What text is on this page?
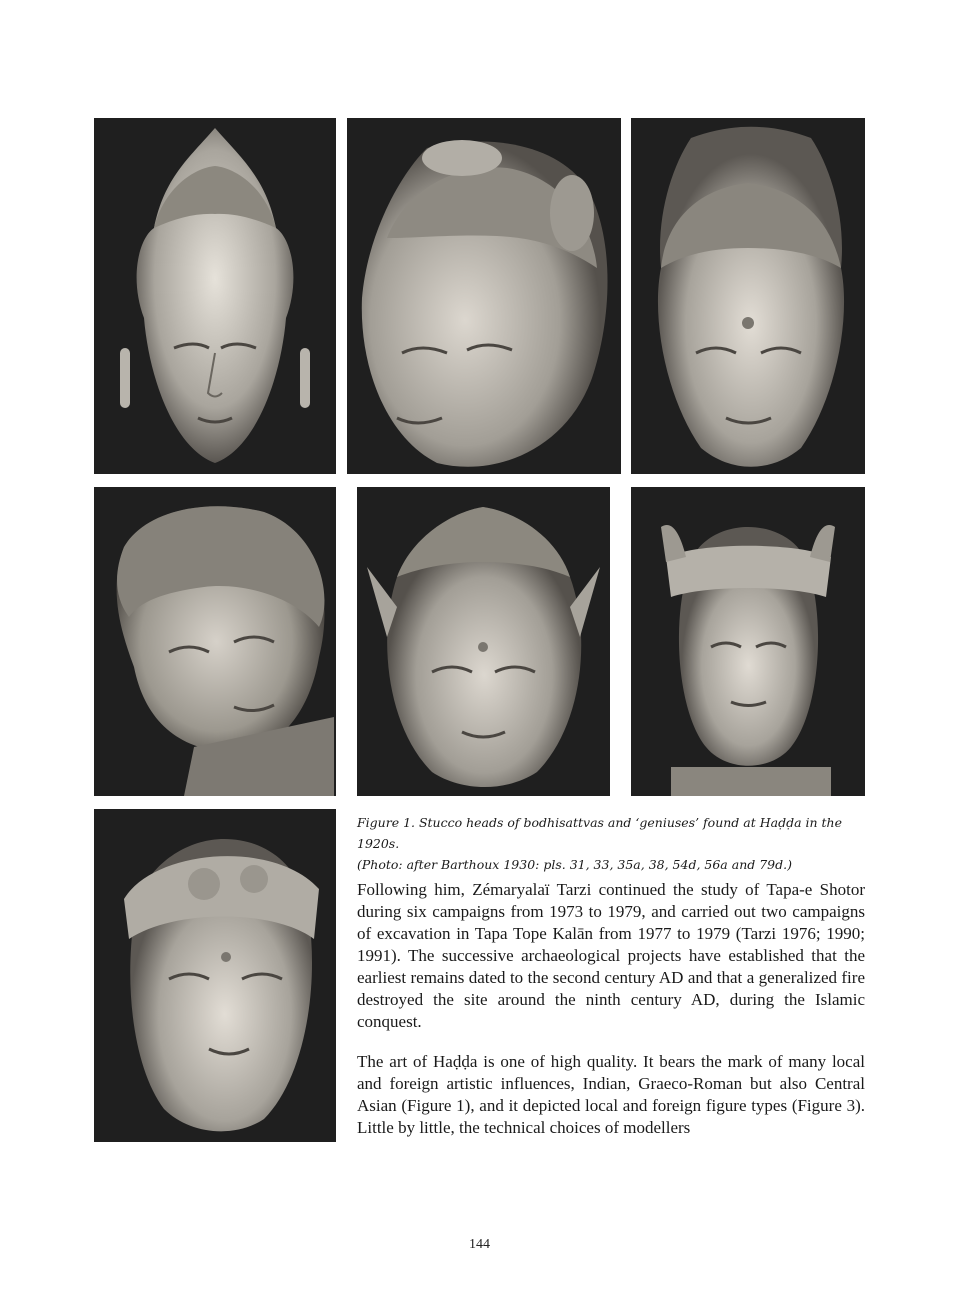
Figure 1. Stucco heads of bodhisattvas and ‘geniuses’ found at Haḍḍa in the 1920s.
(Photo: after Barthoux 1930: pls. 31, 33, 35a, 38, 54d, 56a and 79d.)

Following him, Zémaryalaï Tarzi continued the study of Tapa-e Shotor during six campaigns from 1973 to 1979, and carried out two campaigns of excavation in Tapa Tope Kalān from 1977 to 1979 (Tarzi 1976; 1990; 1991). The successive archaeological projects have established that the earliest remains dated to the second century AD and that a generalized fire destroyed the site around the ninth century AD, during the Islamic conquest.

The art of Haḍḍa is one of high quality. It bears the mark of many local and foreign artistic influences, Indian, Graeco-Roman but also Central Asian (Figure 1), and it depicted local and foreign figure types (Figure 3). Little by little, the technical choices of modellers

144
